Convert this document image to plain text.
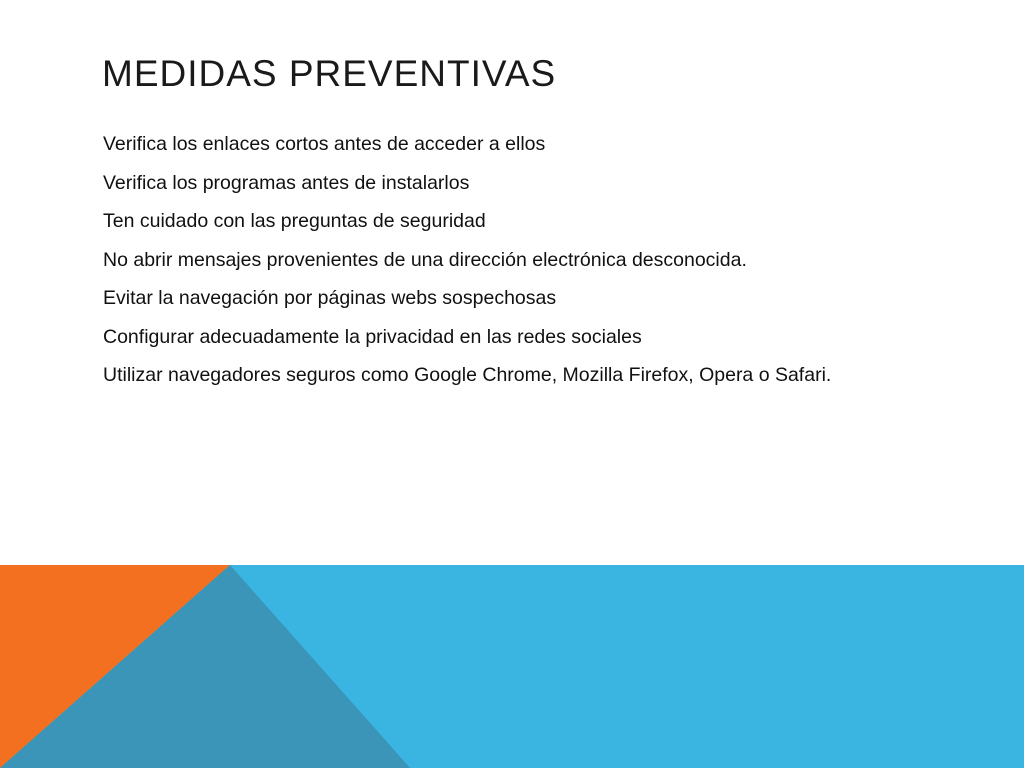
MEDIDAS PREVENTIVAS
Verifica los enlaces cortos antes de acceder a ellos
Verifica los programas antes de instalarlos
Ten cuidado con las preguntas de seguridad
No abrir mensajes provenientes de una dirección electrónica desconocida.
Evitar la navegación por páginas webs sospechosas
Configurar adecuadamente la privacidad en las redes sociales
Utilizar navegadores seguros como Google Chrome, Mozilla Firefox, Opera o Safari.
